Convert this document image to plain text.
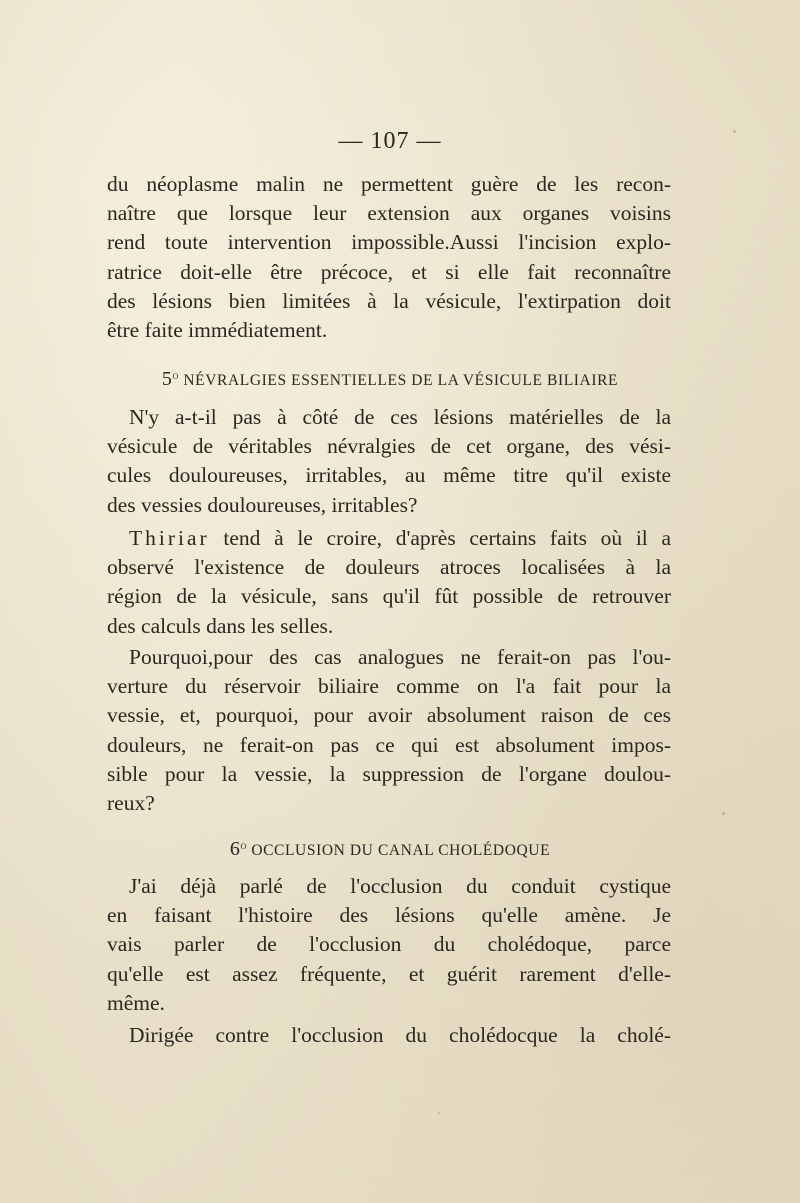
— 107 —
du néoplasme malin ne permettent guère de les recon-
naître que lorsque leur extension aux organes voisins
rend toute intervention impossible.Aussi l'incision explo-
ratrice doit-elle être précoce, et si elle fait reconnaître
des lésions bien limitées à la vésicule, l'extirpation doit
être faite immédiatement.
5$^o$ NÉVRALGIES ESSENTIELLES DE LA VÉSICULE BILIAIRE
N'y a-t-il pas à côté de ces lésions matérielles de la
vésicule de véritables névralgies de cet organe, des vési-
cules douloureuses, irritables, au même titre qu'il existe
des vessies douloureuses, irritables?
Thiriar tend à le croire, d'après certains faits où il a
observé l'existence de douleurs atroces localisées à la
région de la vésicule, sans qu'il fût possible de retrouver
des calculs dans les selles.
Pourquoi,pour des cas analogues ne ferait-on pas l'ou-
verture du réservoir biliaire comme on l'a fait pour la
vessie, et, pourquoi, pour avoir absolument raison de ces
douleurs, ne ferait-on pas ce qui est absolument impos-
sible pour la vessie, la suppression de l'organe doulou-
reux?
6$^o$ OCCLUSION DU CANAL CHOLÉDOQUE
J'ai déjà parlé de l'occlusion du conduit cystique
en faisant l'histoire des lésions qu'elle amène. Je
vais parler de l'occlusion du cholédoque, parce
qu'elle est assez fréquente, et guérit rarement d'elle-
même.
Dirigée contre l'occlusion du cholédocque la cholé-
